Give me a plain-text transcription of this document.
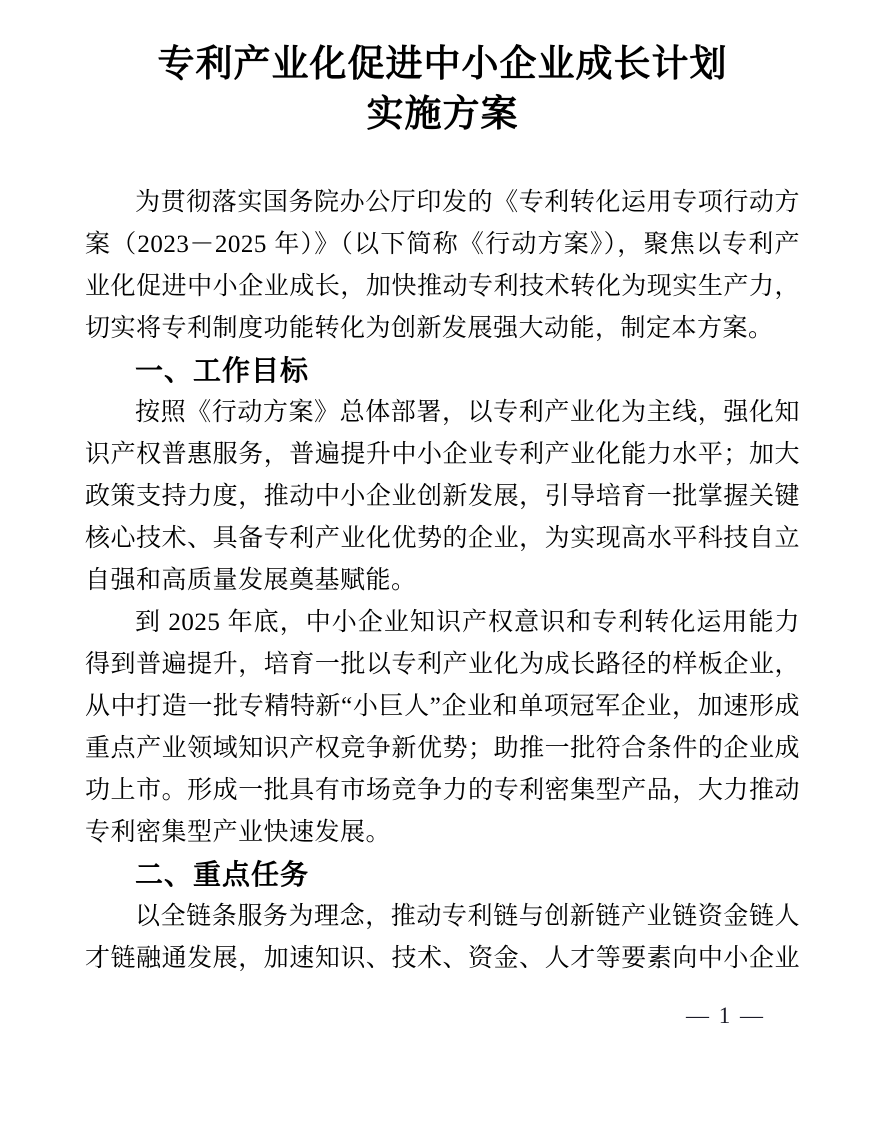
专利产业化促进中小企业成长计划
实施方案
为贯彻落实国务院办公厅印发的《专利转化运用专项行动方
案（2023－2025 年）》（以下简称《行动方案》），聚焦以专利产
业化促进中小企业成长，加快推动专利技术转化为现实生产力，
切实将专利制度功能转化为创新发展强大动能，制定本方案。
一、工作目标
按照《行动方案》总体部署，以专利产业化为主线，强化知
识产权普惠服务，普遍提升中小企业专利产业化能力水平；加大
政策支持力度，推动中小企业创新发展，引导培育一批掌握关键
核心技术、具备专利产业化优势的企业，为实现高水平科技自立
自强和高质量发展奠基赋能。
到 2025 年底，中小企业知识产权意识和专利转化运用能力
得到普遍提升，培育一批以专利产业化为成长路径的样板企业，
从中打造一批专精特新“小巨人”企业和单项冠军企业，加速形成
重点产业领域知识产权竞争新优势；助推一批符合条件的企业成
功上市。形成一批具有市场竞争力的专利密集型产品，大力推动
专利密集型产业快速发展。
二、重点任务
以全链条服务为理念，推动专利链与创新链产业链资金链人
才链融通发展，加速知识、技术、资金、人才等要素向中小企业
— 1 —
